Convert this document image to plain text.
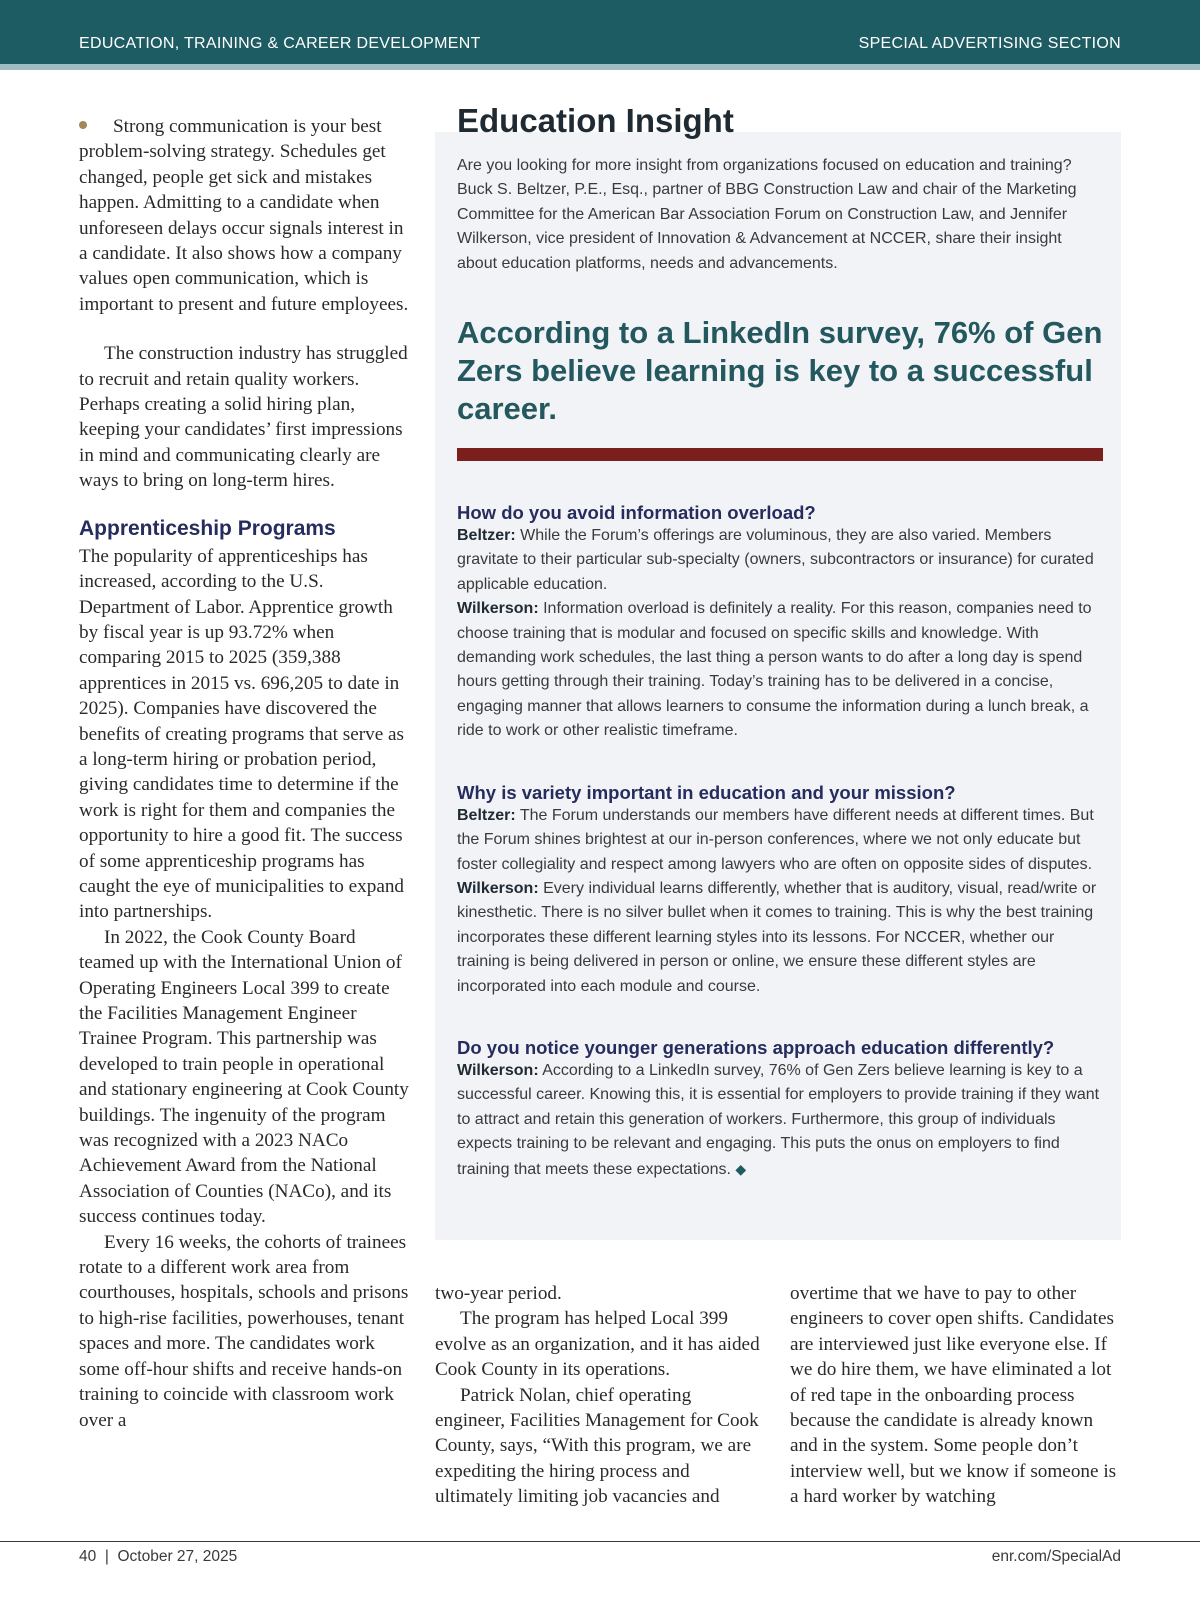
EDUCATION, TRAINING & CAREER DEVELOPMENT	SPECIAL ADVERTISING SECTION

Strong communication is your best problem-solving strategy. Schedules get changed, people get sick and mistakes happen. Admitting to a candidate when unforeseen delays occur signals interest in a candidate. It also shows how a company values open communication, which is important to present and future employees.

The construction industry has struggled to recruit and retain quality workers. Perhaps creating a solid hiring plan, keeping your candidates’ first impressions in mind and communicating clearly are ways to bring on long-term hires.

Apprenticeship Programs

The popularity of apprenticeships has increased, according to the U.S. Department of Labor. Apprentice growth by fiscal year is up 93.72% when comparing 2015 to 2025 (359,388 apprentices in 2015 vs. 696,205 to date in 2025). Companies have discovered the benefits of creating programs that serve as a long-term hiring or probation period, giving candidates time to determine if the work is right for them and companies the opportunity to hire a good fit. The success of some apprenticeship programs has caught the eye of municipalities to expand into partnerships.

In 2022, the Cook County Board teamed up with the International Union of Operating Engineers Local 399 to create the Facilities Management Engineer Trainee Program. This partnership was developed to train people in operational and stationary engineering at Cook County buildings. The ingenuity of the program was recognized with a 2023 NACo Achievement Award from the National Association of Counties (NACo), and its success continues today.

Every 16 weeks, the cohorts of trainees rotate to a different work area from courthouses, hospitals, schools and prisons to high-rise facilities, powerhouses, tenant spaces and more. The candidates work some off-hour shifts and receive hands-on training to coincide with classroom work over a

Education Insight

Are you looking for more insight from organizations focused on education and training? Buck S. Beltzer, P.E., Esq., partner of BBG Construction Law and chair of the Marketing Committee for the American Bar Association Forum on Construction Law, and Jennifer Wilkerson, vice president of Innovation & Advancement at NCCER, share their insight about education platforms, needs and advancements.

According to a LinkedIn survey, 76% of Gen Zers believe learning is key to a successful career.

How do you avoid information overload?

Beltzer: While the Forum’s offerings are voluminous, they are also varied. Members gravitate to their particular sub-specialty (owners, subcontractors or insurance) for curated applicable education.

Wilkerson: Information overload is definitely a reality. For this reason, companies need to choose training that is modular and focused on specific skills and knowledge. With demanding work schedules, the last thing a person wants to do after a long day is spend hours getting through their training. Today’s training has to be delivered in a concise, engaging manner that allows learners to consume the information during a lunch break, a ride to work or other realistic timeframe.

Why is variety important in education and your mission?

Beltzer: The Forum understands our members have different needs at different times. But the Forum shines brightest at our in-person conferences, where we not only educate but foster collegiality and respect among lawyers who are often on opposite sides of disputes. Wilkerson: Every individual learns differently, whether that is auditory, visual, read/write or kinesthetic. There is no silver bullet when it comes to training. This is why the best training incorporates these different learning styles into its lessons. For NCCER, whether our training is being delivered in person or online, we ensure these different styles are incorporated into each module and course.

Do you notice younger generations approach education differently?

Wilkerson: According to a LinkedIn survey, 76% of Gen Zers believe learning is key to a successful career. Knowing this, it is essential for employers to provide training if they want to attract and retain this generation of workers. Furthermore, this group of individuals expects training to be relevant and engaging. This puts the onus on employers to find training that meets these expectations. ◆

two-year period.

The program has helped Local 399 evolve as an organization, and it has aided Cook County in its operations.

Patrick Nolan, chief operating engineer, Facilities Management for Cook County, says, “With this program, we are expediting the hiring process and ultimately limiting job vacancies and

overtime that we have to pay to other engineers to cover open shifts. Candidates are interviewed just like everyone else. If we do hire them, we have eliminated a lot of red tape in the onboarding process because the candidate is already known and in the system. Some people don’t interview well, but we know if someone is a hard worker by watching

40  |  October 27, 2025	enr.com/SpecialAd
